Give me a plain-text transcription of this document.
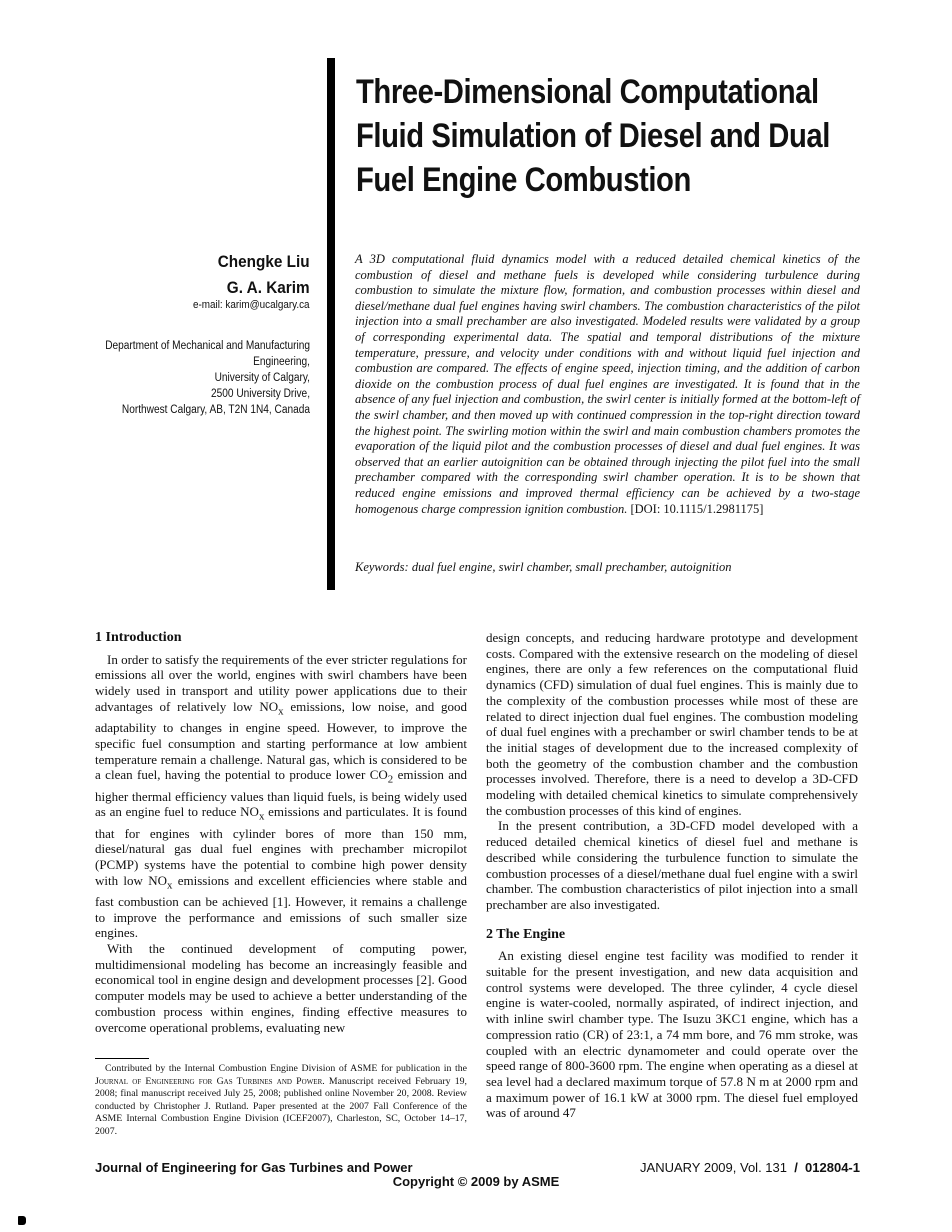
Three-Dimensional Computational Fluid Simulation of Diesel and Dual Fuel Engine Combustion
Chengke Liu
G. A. Karim
e-mail: karim@ucalgary.ca
Department of Mechanical and Manufacturing
Engineering,
University of Calgary,
2500 University Drive,
Northwest Calgary, AB, T2N 1N4, Canada
A 3D computational fluid dynamics model with a reduced detailed chemical kinetics of the combustion of diesel and methane fuels is developed while considering turbulence during combustion to simulate the mixture flow, formation, and combustion processes within diesel and diesel/methane dual fuel engines having swirl chambers. The combustion characteristics of the pilot injection into a small prechamber are also investigated. Modeled results were validated by a group of corresponding experimental data. The spatial and temporal distributions of the mixture temperature, pressure, and velocity under conditions with and without liquid fuel injection and combustion are compared. The effects of engine speed, injection timing, and the addition of carbon dioxide on the combustion process of dual fuel engines are investigated. It is found that in the absence of any fuel injection and combustion, the swirl center is initially formed at the bottom-left of the swirl chamber, and then moved up with continued compression in the top-right direction toward the highest point. The swirling motion within the swirl and main combustion chambers promotes the evaporation of the liquid pilot and the combustion processes of diesel and dual fuel engines. It was observed that an earlier autoignition can be obtained through injecting the pilot fuel into the small prechamber compared with the corresponding swirl chamber operation. It is to be shown that reduced engine emissions and improved thermal efficiency can be achieved by a two-stage homogenous charge compression ignition combustion. [DOI: 10.1115/1.2981175]
Keywords: dual fuel engine, swirl chamber, small prechamber, autoignition
1 Introduction

In order to satisfy the requirements of the ever stricter regulations for emissions all over the world, engines with swirl chambers have been widely used in transport and utility power applications due to their advantages of relatively low $NO_x$ emissions, low noise, and good adaptability to changes in engine speed. However, to improve the specific fuel consumption and starting performance at low ambient temperature remain a challenge. Natural gas, which is considered to be a clean fuel, having the potential to produce lower $CO_2$ emission and higher thermal efficiency values than liquid fuels, is being widely used as an engine fuel to reduce $NO_x$ emissions and particulates. It is found that for engines with cylinder bores of more than 150 mm, diesel/natural gas dual fuel engines with prechamber micropilot (PCMP) systems have the potential to combine high power density with low $NO_x$ emissions and excellent efficiencies where stable and fast combustion can be achieved [1]. However, it remains a challenge to improve the performance and emissions of such smaller size engines.

With the continued development of computing power, multidimensional modeling has become an increasingly feasible and economical tool in engine design and development processes [2]. Good computer models may be used to achieve a better understanding of the combustion process within engines, finding effective measures to overcome operational problems, evaluating new

design concepts, and reducing hardware prototype and development costs. Compared with the extensive research on the modeling of diesel engines, there are only a few references on the computational fluid dynamics (CFD) simulation of dual fuel engines. This is mainly due to the complexity of the combustion processes while most of these are related to direct injection dual fuel engines. The combustion modeling of dual fuel engines with a prechamber or swirl chamber tends to be at the initial stages of development due to the increased complexity of both the geometry of the combustion chamber and the combustion processes involved. Therefore, there is a need to develop a 3D-CFD modeling with detailed chemical kinetics to simulate comprehensively the combustion processes of this kind of engines.

In the present contribution, a 3D-CFD model developed with a reduced detailed chemical kinetics of diesel fuel and methane is described while considering the turbulence function to simulate the combustion processes of a diesel/methane dual fuel engine with a swirl chamber. The combustion characteristics of pilot injection into a small prechamber are also investigated.

2 The Engine

An existing diesel engine test facility was modified to render it suitable for the present investigation, and new data acquisition and control systems were developed. The three cylinder, 4 cycle diesel engine is water-cooled, normally aspirated, of indirect injection, and with inline swirl chamber type. The Isuzu 3KC1 engine, which has a compression ratio (CR) of 23:1, a 74 mm bore, and 76 mm stroke, was coupled with an electric dynamometer and could operate over the speed range of 800-3600 rpm. The engine when operating as a diesel at sea level had a declared maximum torque of 57.8 N m at 2000 rpm and a maximum power of 16.1 kW at 3000 rpm. The diesel fuel employed was of around 47

Contributed by the Internal Combustion Engine Division of ASME for publication in the Journal of Engineering for Gas Turbines and Power. Manuscript received February 19, 2008; final manuscript received July 25, 2008; published online November 20, 2008. Review conducted by Christopher J. Rutland. Paper presented at the 2007 Fall Conference of the ASME Internal Combustion Engine Division (ICEF2007), Charleston, SC, October 14–17, 2007.
Journal of Engineering for Gas Turbines and Power	JANUARY 2009, Vol. 131  /  012804-1
Copyright © 2009 by ASME
